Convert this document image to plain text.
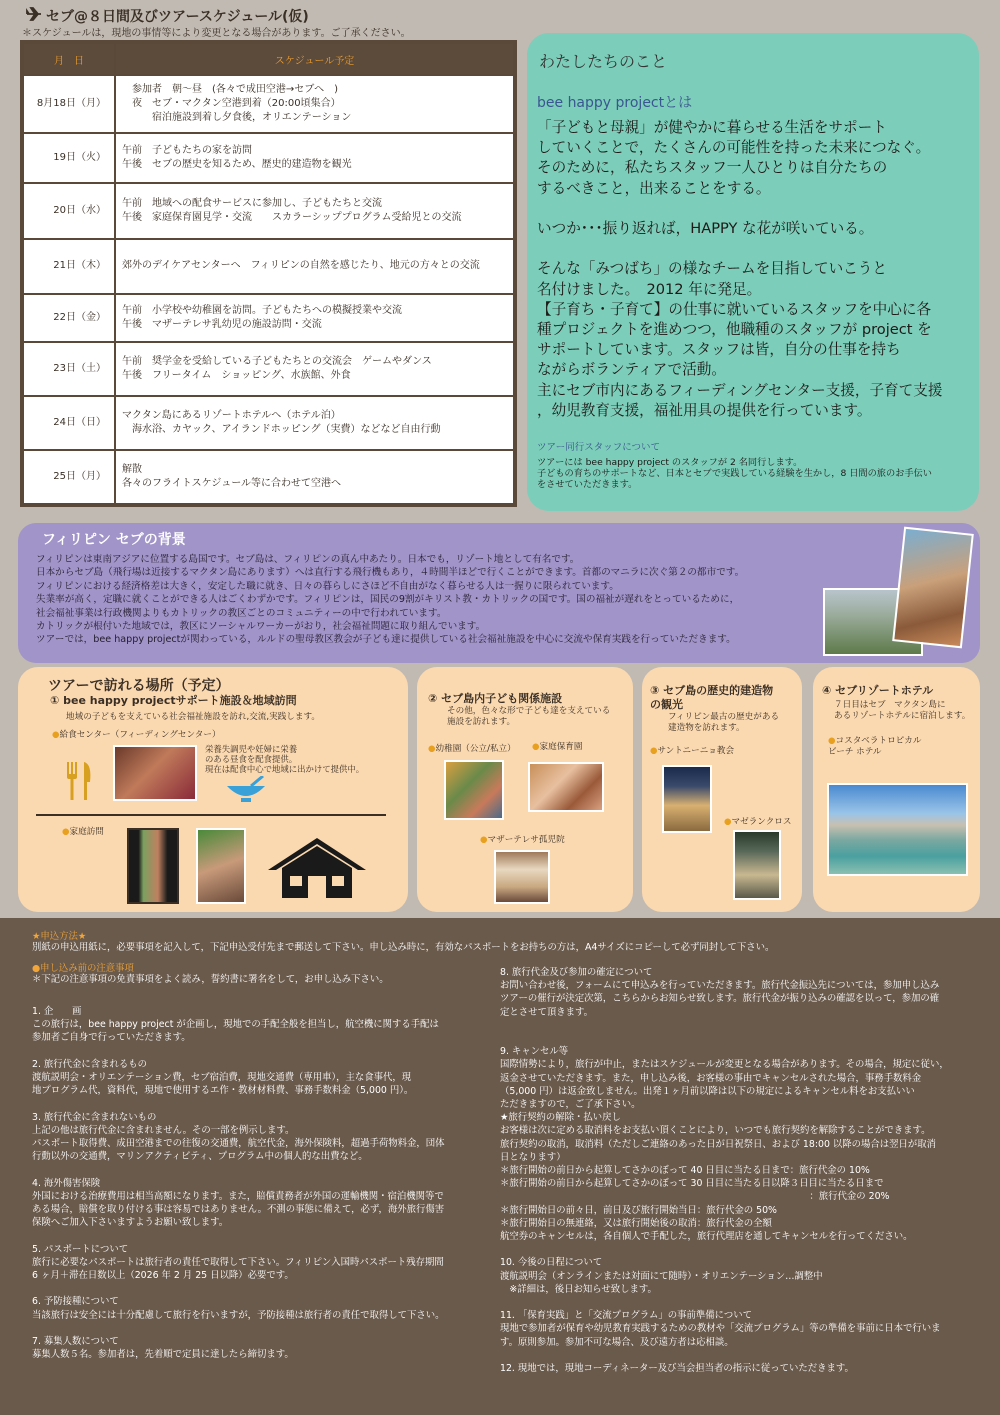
セブ@８日間及びツアースケジュール(仮)
＊スケジュールは，現地の事情等により変更となる場合があります。ご了承ください。
月　日	スケジュール予定
8月18日（月）	　参加者　朝～昼　(各々で成田空港→セブへ　)
　夜　セブ・マクタン空港到着（20:00頃集合）
　　　宿泊施設到着し夕食後，オリエンテーション
19日（火）	午前　子どもたちの家を訪問
午後　セブの歴史を知るため、歴史的建造物を観光
20日（水）	午前　地域への配食サービスに参加し、子どもたちと交流
午後　家庭保育園見学・交流　　スカラーシッププログラム受給児との交流
21日（木）	郊外のデイケアセンターへ　フィリピンの自然を感じたり、地元の方々との交流
22日（金）	午前　小学校や幼稚園を訪問。子どもたちへの模擬授業や交流
午後　マザーテレサ乳幼児の施設訪問・交流
23日（土）	午前　奨学金を受給している子どもたちとの交流会　ゲームやダンス
午後　フリータイム　ショッピング、水族館、外食
24日（日）	マクタン島にあるリゾートホテルへ（ホテル泊）
　海水浴、カヤック、アイランドホッピング（実費）などなど自由行動
25日（月）	解散
各々のフライトスケジュール等に合わせて空港へ
わたしたちのこと
bee happy projectとは
「子どもと母親」が健やかに暮らせる生活をサポート
していくことで，たくさんの可能性を持った未来につなぐ。
そのために，私たちスタッフ一人ひとりは自分たちの
するべきこと，出来ることをする。

いつか･･･振り返れば，HAPPY な花が咲いている。

そんな「みつばち」の様なチームを目指していこうと
名付けました。　2012 年に発足。
【子育ち・子育て】の仕事に就いているスタッフを中心に各
種プロジェクトを進めつつ，他職種のスタッフが project を
サポートしています。スタッフは皆，自分の仕事を持ち
ながらボランティアで活動。
主にセブ市内にあるフィーディングセンター支援，子育て支援
，幼児教育支援，福祉用具の提供を行っています。
ツアー同行スタッフについて
ツアーには bee happy project のスタッフが 2 名同行します。
子どもの育ちのサポートなど、日本とセブで実践している経験を生かし，8 日間の旅のお手伝い
をさせていただきます。
フィリピン セブの背景
フィリピンは東南アジアに位置する島国です。セブ島は、フィリピンの真ん中あたり。日本でも，リゾート地として有名です。
日本からセブ島（飛行場は近接するマクタン島にあります）へは直行する飛行機もあり，４時間半ほどで行くことができます。首都のマニラに次ぐ第２の都市です。
フィリピンにおける経済格差は大きく，安定した職に就き、日々の暮らしにさほど不自由がなく暮らせる人は一握りに限られています。
失業率が高く，定職に就くことができる人はごくわずかです。フィリピンは，国民の9割がキリスト教・カトリックの国です。国の福祉が遅れをとっているために，
社会福祉事業は行政機関よりもカトリックの教区ごとのコミュニティーの中で行われています。
カトリックが根付いた地域では，教区にソーシャルワーカーがおり，社会福祉問題に取り組んでいます。
ツアーでは，bee happy projectが関わっている，ルルドの聖母教区教会が子ども達に提供している社会福祉施設を中心に交流や保育実践を行っていただきます。
ツアーで訪れる場所（予定）
① bee happy projectサポート施設＆地域訪問
地域の子どもを支えている社会福祉施設を訪れ,交流,実践します。
●給食センター（フィーディングセンター）
栄養失調児や妊婦に栄養
のある昼食を配食提供。
現在は配食中心で地域に出かけて提供中。
●家庭訪問
② セブ島内子ども関係施設
その他，色々な形で子ども達を支えている
施設を訪れます。
●幼稚園（公立/私立） ●家庭保育園
●マザーテレサ孤児院
③ セブ島の歴史的建造物
の観光
フィリピン最古の歴史がある
建造物を訪れます。
●サントニーニョ教会
●マゼランクロス
④ セブリゾートホテル
７日目はセブ　マクタン島に
あるリゾートホテルに宿泊します。
●コスタベラトロピカル
ビーチ ホテル
★申込方法★
別紙の申込用紙に，必要事項を記入して，下記申込受付先まで郵送して下さい。申し込み時に，有効なパスポートをお持ちの方は，A4サイズにコピーして必ず同封して下さい。
●申し込み前の注意事項
＊下記の注意事項の免責事項をよく読み，誓約書に署名をして，お申し込み下さい。
1. 企　　画
この旅行は，bee happy project が企画し，現地での手配全般を担当し，航空機に関する手配は
参加者ご自身で行っていただきます。

2. 旅行代金に含まれるもの
渡航説明会・オリエンテーション費，セブ宿泊費，現地交通費（専用車），主な食事代，現
地プログラム代，資料代，現地で使用するエ作・教材材料費、事務手数料金（5,000 円）。

3. 旅行代金に含まれないもの
上記の他は旅行代金に含まれません。その一部を例示します。
パスポート取得費、成田空港までの往復の交通費，航空代金，海外保険料，超過手荷物料金，団体
行動以外の交通費，マリンアクティビティ、プログラム中の個人的な出費など。

4. 海外傷害保険
外国における治療費用は相当高額になります。また，賠償責務者が外国の運輸機関・宿泊機関等で
ある場合，賠償を取り付ける事は容易ではありません。不測の事態に備えて，必ず，海外旅行傷害
保険へご加入下さいますようお願い致します。

5. パスポートについて
旅行に必要なパスポートは旅行者の責任で取得して下さい。フィリピン入国時パスポート残存期間
6 ヶ月＋滞在日数以上（2026 年 2 月 25 日以降）必要です。

6. 予防接種について
当該旅行は安全には十分配慮して旅行を行いますが，予防接種は旅行者の責任で取得して下さい。

7. 募集人数について
募集人数５名。参加者は，先着順で定員に達したら締切ます。
8. 旅行代金及び参加の確定について
お問い合わせ後，フォームにて申込みを行っていただきます。旅行代金振込先については，参加申し込み
ツアーの催行が決定次第，こちらからお知らせ致します。旅行代金が振り込みの確認を以って，参加の確
定とさせて頂きます。

9. キャンセル等
国際情勢により，旅行が中止，またはスケジュールが変更となる場合があります。その場合，規定に従い，
返金させていただきます。また，申し込み後，お客様の事由でキャンセルされた場合，事務手数料金
（5,000 円）は返金致しません。出発１ヶ月前以降は以下の規定によるキャンセル料をお支払いい
ただきますので，ご了承下さい。
★旅行契約の解除・払い戻し
お客様は次に定める取消料をお支払い頂くことにより，いつでも旅行契約を解除することができます。
旅行契約の取消，取消料（ただしご連絡のあった日が日祝祭日、および 18:00 以降の場合は翌日が取消
日となります）
＊旅行開始の前日から起算してさかのぼって 40 日目に当たる日まで：旅行代金の 10%
＊旅行開始の前日から起算してさかのぼって 30 日目に当たる日以降３日目に当たる日まで
　　　　　　　　　　　　　　　　　　　　　　　　　　　　　　　　　：旅行代金の 20%
＊旅行開始日の前々日，前日及び旅行開始当日：旅行代金の 50%
＊旅行開始日の無連絡，又は旅行開始後の取消：旅行代金の全額
航空券のキャンセルは，各自個人で手配した，旅行代理店を通してキャンセルを行ってください。

10. 今後の日程について
渡航説明会（オンラインまたは対面にて随時）・オリエンテーション…調整中
　※詳細は，後日お知らせ致します。

11. 「保育実践」と「交流プログラム」の事前準備について
現地で参加者が保育や幼児教育実践するための教材や「交流プログラム」等の準備を事前に日本で行いま
す。原則参加。参加不可な場合、及び遠方者は応相談。

12. 現地では，現地コーディネーター及び当会担当者の指示に従っていただきます。
